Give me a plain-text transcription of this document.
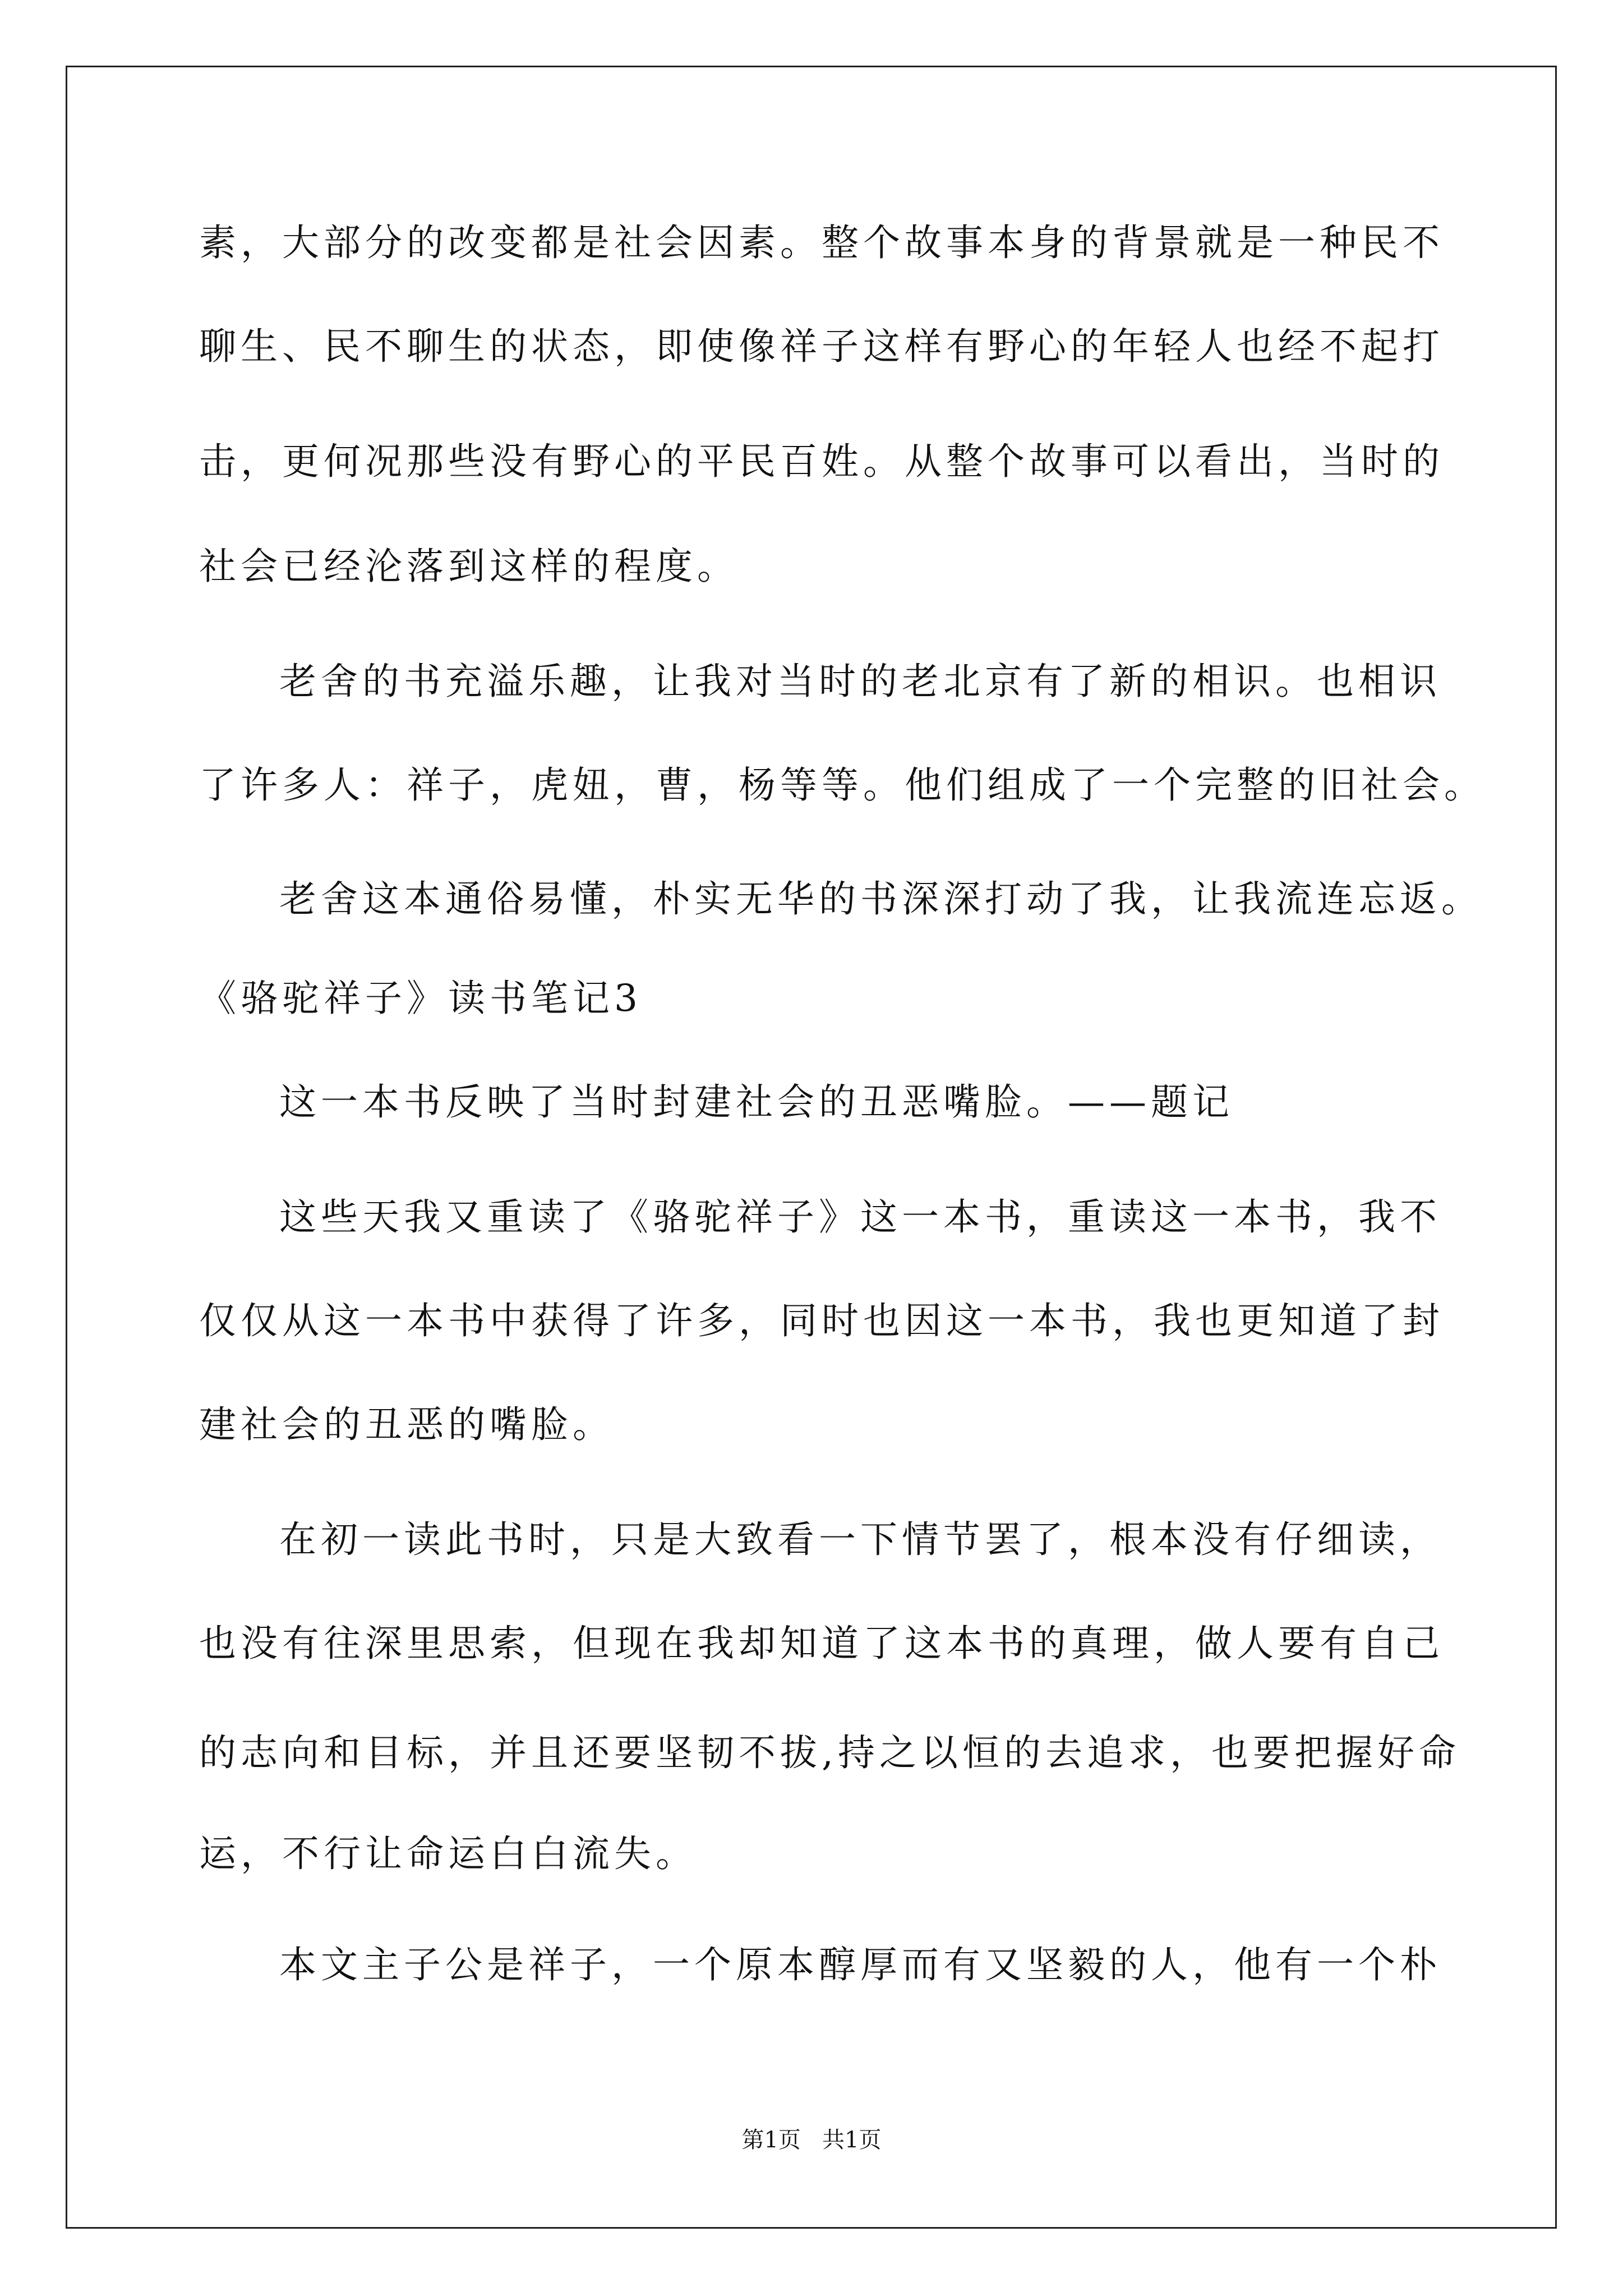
素，大部分的改变都是社会因素。整个故事本身的背景就是一种民不
聊生、民不聊生的状态，即使像祥子这样有野心的年轻人也经不起打
击，更何况那些没有野心的平民百姓。从整个故事可以看出，当时的
社会已经沦落到这样的程度。
老舍的书充溢乐趣，让我对当时的老北京有了新的相识。也相识
了许多人：祥子，虎妞，曹，杨等等。他们组成了一个完整的旧社会。
老舍这本通俗易懂，朴实无华的书深深打动了我，让我流连忘返。
《骆驼祥子》读书笔记3
这一本书反映了当时封建社会的丑恶嘴脸。——题记
这些天我又重读了《骆驼祥子》这一本书，重读这一本书，我不
仅仅从这一本书中获得了许多，同时也因这一本书，我也更知道了封
建社会的丑恶的嘴脸。
在初一读此书时，只是大致看一下情节罢了，根本没有仔细读，
也没有往深里思索，但现在我却知道了这本书的真理，做人要有自己
的志向和目标，并且还要坚韧不拔,持之以恒的去追求，也要把握好命
运，不行让命运白白流失。
本文主子公是祥子，一个原本醇厚而有又坚毅的人，他有一个朴
第1页   共1页
